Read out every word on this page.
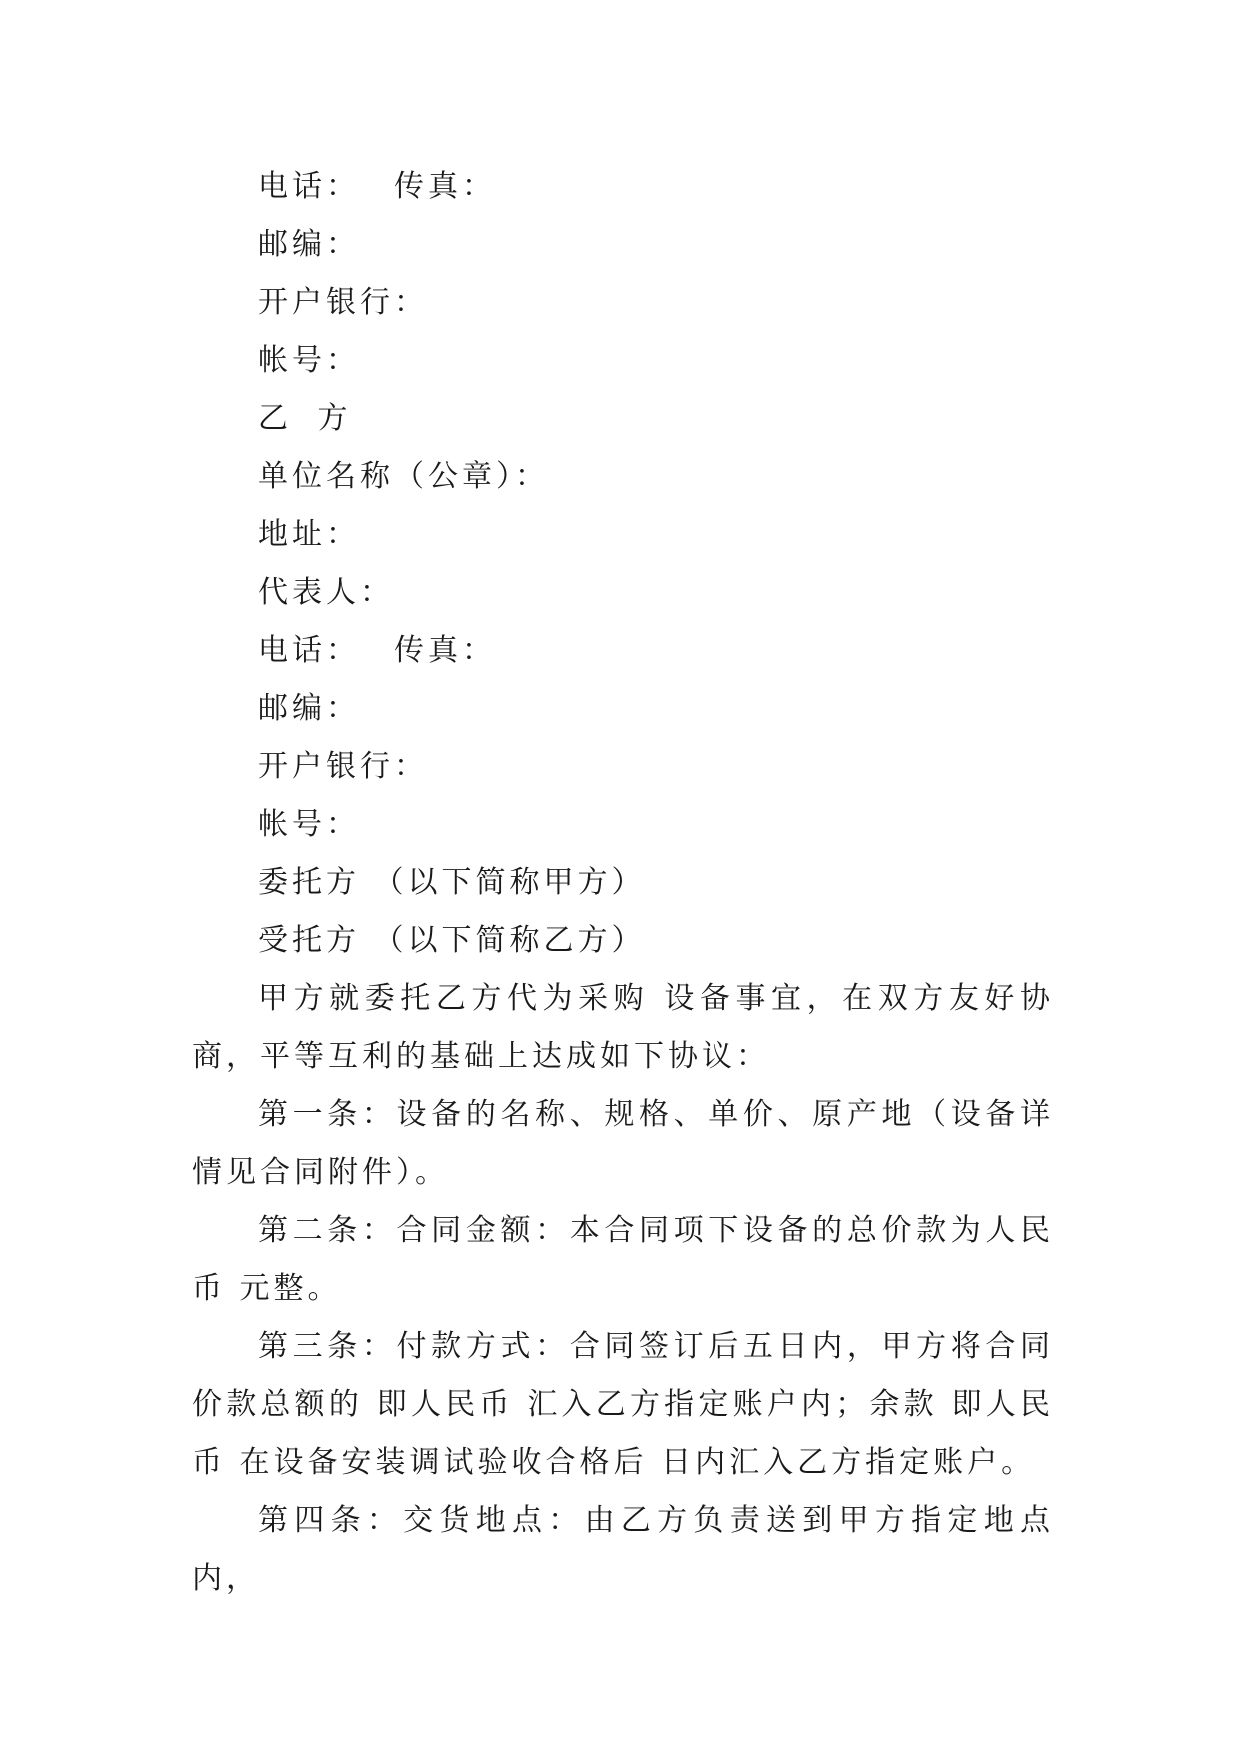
电话： 传真：
邮编：
开户银行：
帐号：
乙 方
单位名称（公章）：
地址：
代表人：
电话： 传真：
邮编：
开户银行：
帐号：
委托方 （以下简称甲方）
受托方 （以下简称乙方）
甲方就委托乙方代为采购 设备事宜，在双方友好协商，平等互利的基础上达成如下协议：
第一条：设备的名称、规格、单价、原产地（设备详情见合同附件）。
第二条：合同金额：本合同项下设备的总价款为人民币 元整。
第三条：付款方式：合同签订后五日内，甲方将合同价款总额的 即人民币 汇入乙方指定账户内；余款 即人民币 在设备安装调试验收合格后 日内汇入乙方指定账户。
第四条：交货地点：由乙方负责送到甲方指定地点内，
